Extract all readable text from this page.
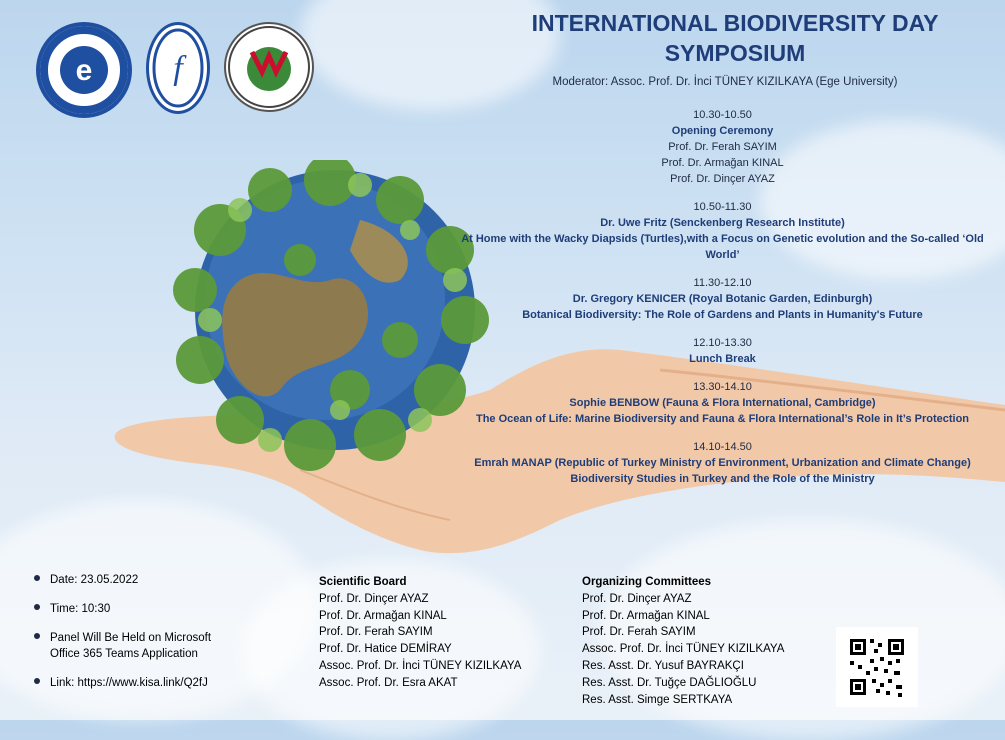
e f
INTERNATIONAL BIODIVERSITY DAY
SYMPOSIUM
Moderator: Assoc. Prof. Dr. İnci TÜNEY KIZILKAYA (Ege University)
10.30-10.50
Opening Ceremony
Prof. Dr. Ferah SAYIM
Prof. Dr. Armağan KINAL
Prof. Dr. Dinçer AYAZ
10.50-11.30
Dr. Uwe Fritz (Senckenberg Research Institute)
At Home with the Wacky Diapsids (Turtles),with a Focus on Genetic evolution and the So-called ‘Old World’
11.30-12.10
Dr. Gregory KENICER (Royal Botanic Garden, Edinburgh)
Botanical Biodiversity: The Role of Gardens and Plants in Humanity's Future
12.10-13.30
Lunch Break
13.30-14.10
Sophie BENBOW (Fauna & Flora International, Cambridge)
The Ocean of Life: Marine Biodiversity and Fauna & Flora International’s Role in It’s Protection
14.10-14.50
Emrah MANAP (Republic of Turkey Ministry of Environment, Urbanization and Climate Change)
Biodiversity Studies in Turkey and the Role of the Ministry
Date: 23.05.2022
Time: 10:30
Panel Will Be Held on Microsoft
Office 365 Teams Application
Link: https://www.kisa.link/Q2fJ
Scientific Board
Prof. Dr. Dinçer AYAZ
Prof. Dr. Armağan KINAL
Prof. Dr. Ferah SAYIM
Prof. Dr. Hatice DEMİRAY
Assoc. Prof. Dr. İnci TÜNEY KIZILKAYA
Assoc. Prof. Dr. Esra AKAT
Organizing Committees
Prof. Dr. Dinçer AYAZ
Prof. Dr. Armağan KINAL
Prof. Dr. Ferah SAYIM
Assoc. Prof. Dr. İnci TÜNEY KIZILKAYA
Res. Asst. Dr. Yusuf BAYRAKÇI
Res. Asst. Dr. Tuğçe DAĞLIOĞLU
Res. Asst. Simge SERTKAYA
